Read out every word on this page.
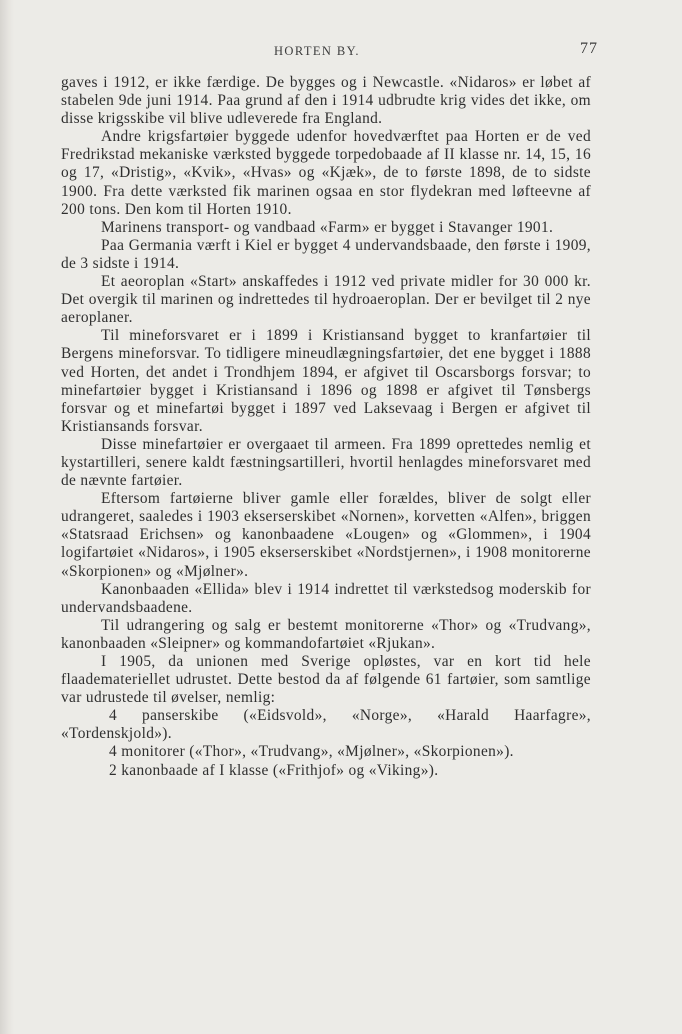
HORTEN BY.	77

gaves i 1912, er ikke færdige. De bygges og i Newcastle. «Nidaros» er løbet af stabelen 9de juni 1914. Paa grund af den i 1914 udbrudte krig vides det ikke, om disse krigsskibe vil blive udleverede fra England.

Andre krigsfartøier byggede udenfor hovedværftet paa Horten er de ved Fredrikstad mekaniske værksted byggede torpedobaade af II klasse nr. 14, 15, 16 og 17, «Dristig», «Kvik», «Hvas» og «Kjæk», de to første 1898, de to sidste 1900. Fra dette værksted fik marinen ogsaa en stor flydekran med løfteevne af 200 tons. Den kom til Horten 1910.

Marinens transport- og vandbaad «Farm» er bygget i Stavanger 1901.

Paa Germania værft i Kiel er bygget 4 undervandsbaade, den første i 1909, de 3 sidste i 1914.

Et aeoroplan «Start» anskaffedes i 1912 ved private midler for 30 000 kr. Det overgik til marinen og indrettedes til hydroaeroplan. Der er bevilget til 2 nye aeroplaner.

Til mineforsvaret er i 1899 i Kristiansand bygget to kranfartøier til Bergens mineforsvar. To tidligere mineudlægningsfartøier, det ene bygget i 1888 ved Horten, det andet i Trondhjem 1894, er afgivet til Oscarsborgs forsvar; to minefartøier bygget i Kristiansand i 1896 og 1898 er afgivet til Tønsbergs forsvar og et minefartøi bygget i 1897 ved Laksevaag i Bergen er afgivet til Kristiansands forsvar.

Disse minefartøier er overgaaet til armeen. Fra 1899 oprettedes nemlig et kystartilleri, senere kaldt fæstningsartilleri, hvortil henlagdes mineforsvaret med de nævnte fartøier.

Eftersom fartøierne bliver gamle eller forældes, bliver de solgt eller udrangeret, saaledes i 1903 ekserserskibet «Nornen», korvetten «Alfen», briggen «Statsraad Erichsen» og kanonbaadene «Lougen» og «Glommen», i 1904 logifartøiet «Nidaros», i 1905 ekserserskibet «Nordstjernen», i 1908 monitorerne «Skorpionen» og «Mjølner».

Kanonbaaden «Ellida» blev i 1914 indrettet til værkstedsog moderskib for undervandsbaadene.

Til udrangering og salg er bestemt monitorerne «Thor» og «Trudvang», kanonbaaden «Sleipner» og kommandofartøiet «Rjukan».

I 1905, da unionen med Sverige opløstes, var en kort tid hele flaademateriellet udrustet. Dette bestod da af følgende 61 fartøier, som samtlige var udrustede til øvelser, nemlig:

4 panserskibe («Eidsvold», «Norge», «Harald Haarfagre», «Tordenskjold»).

4 monitorer («Thor», «Trudvang», «Mjølner», «Skorpionen»).

2 kanonbaade af I klasse («Frithjof» og «Viking»).
